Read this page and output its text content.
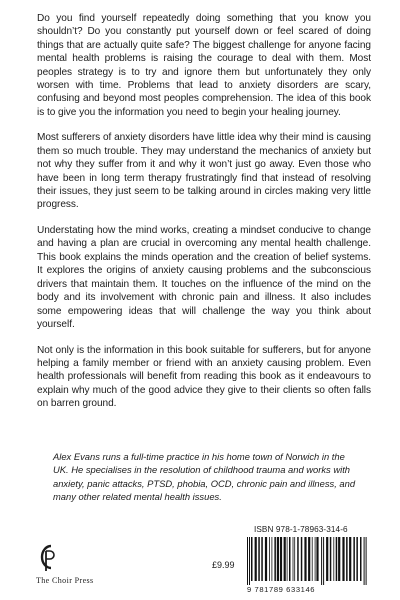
Do you find yourself repeatedly doing something that you know you shouldn’t? Do you constantly put yourself down or feel scared of doing things that are actually quite safe? The biggest challenge for anyone facing mental health problems is raising the courage to deal with them. Most peoples strategy is to try and ignore them but unfortunately they only worsen with time. Problems that lead to anxiety disorders are scary, confusing and beyond most peoples comprehension. The idea of this book is to give you the information you need to begin your healing journey.

Most sufferers of anxiety disorders have little idea why their mind is causing them so much trouble. They may understand the mechanics of anxiety but not why they suffer from it and why it won’t just go away. Even those who have been in long term therapy frustratingly find that instead of resolving their issues, they just seem to be talking around in circles making very little progress.

Understating how the mind works, creating a mindset conducive to change and having a plan are crucial in overcoming any mental health challenge. This book explains the minds operation and the creation of belief systems. It explores the origins of anxiety causing problems and the subconscious drivers that maintain them. It touches on the influence of the mind on the body and its involvement with chronic pain and illness. It also includes some empowering ideas that will challenge the way you think about yourself.

Not only is the information in this book suitable for sufferers, but for anyone helping a family member or friend with an anxiety causing problem. Even health professionals will benefit from reading this book as it endeavours to explain why much of the good advice they give to their clients so often falls on barren ground.

Alex Evans runs a full-time practice in his home town of Norwich in the UK. He specialises in the resolution of childhood trauma and works with anxiety, panic attacks, PTSD, phobia, OCD, chronic pain and illness, and many other related mental health issues.

The Choir Press
£9.99
ISBN 978-1-78963-314-6
9 781789 633146
